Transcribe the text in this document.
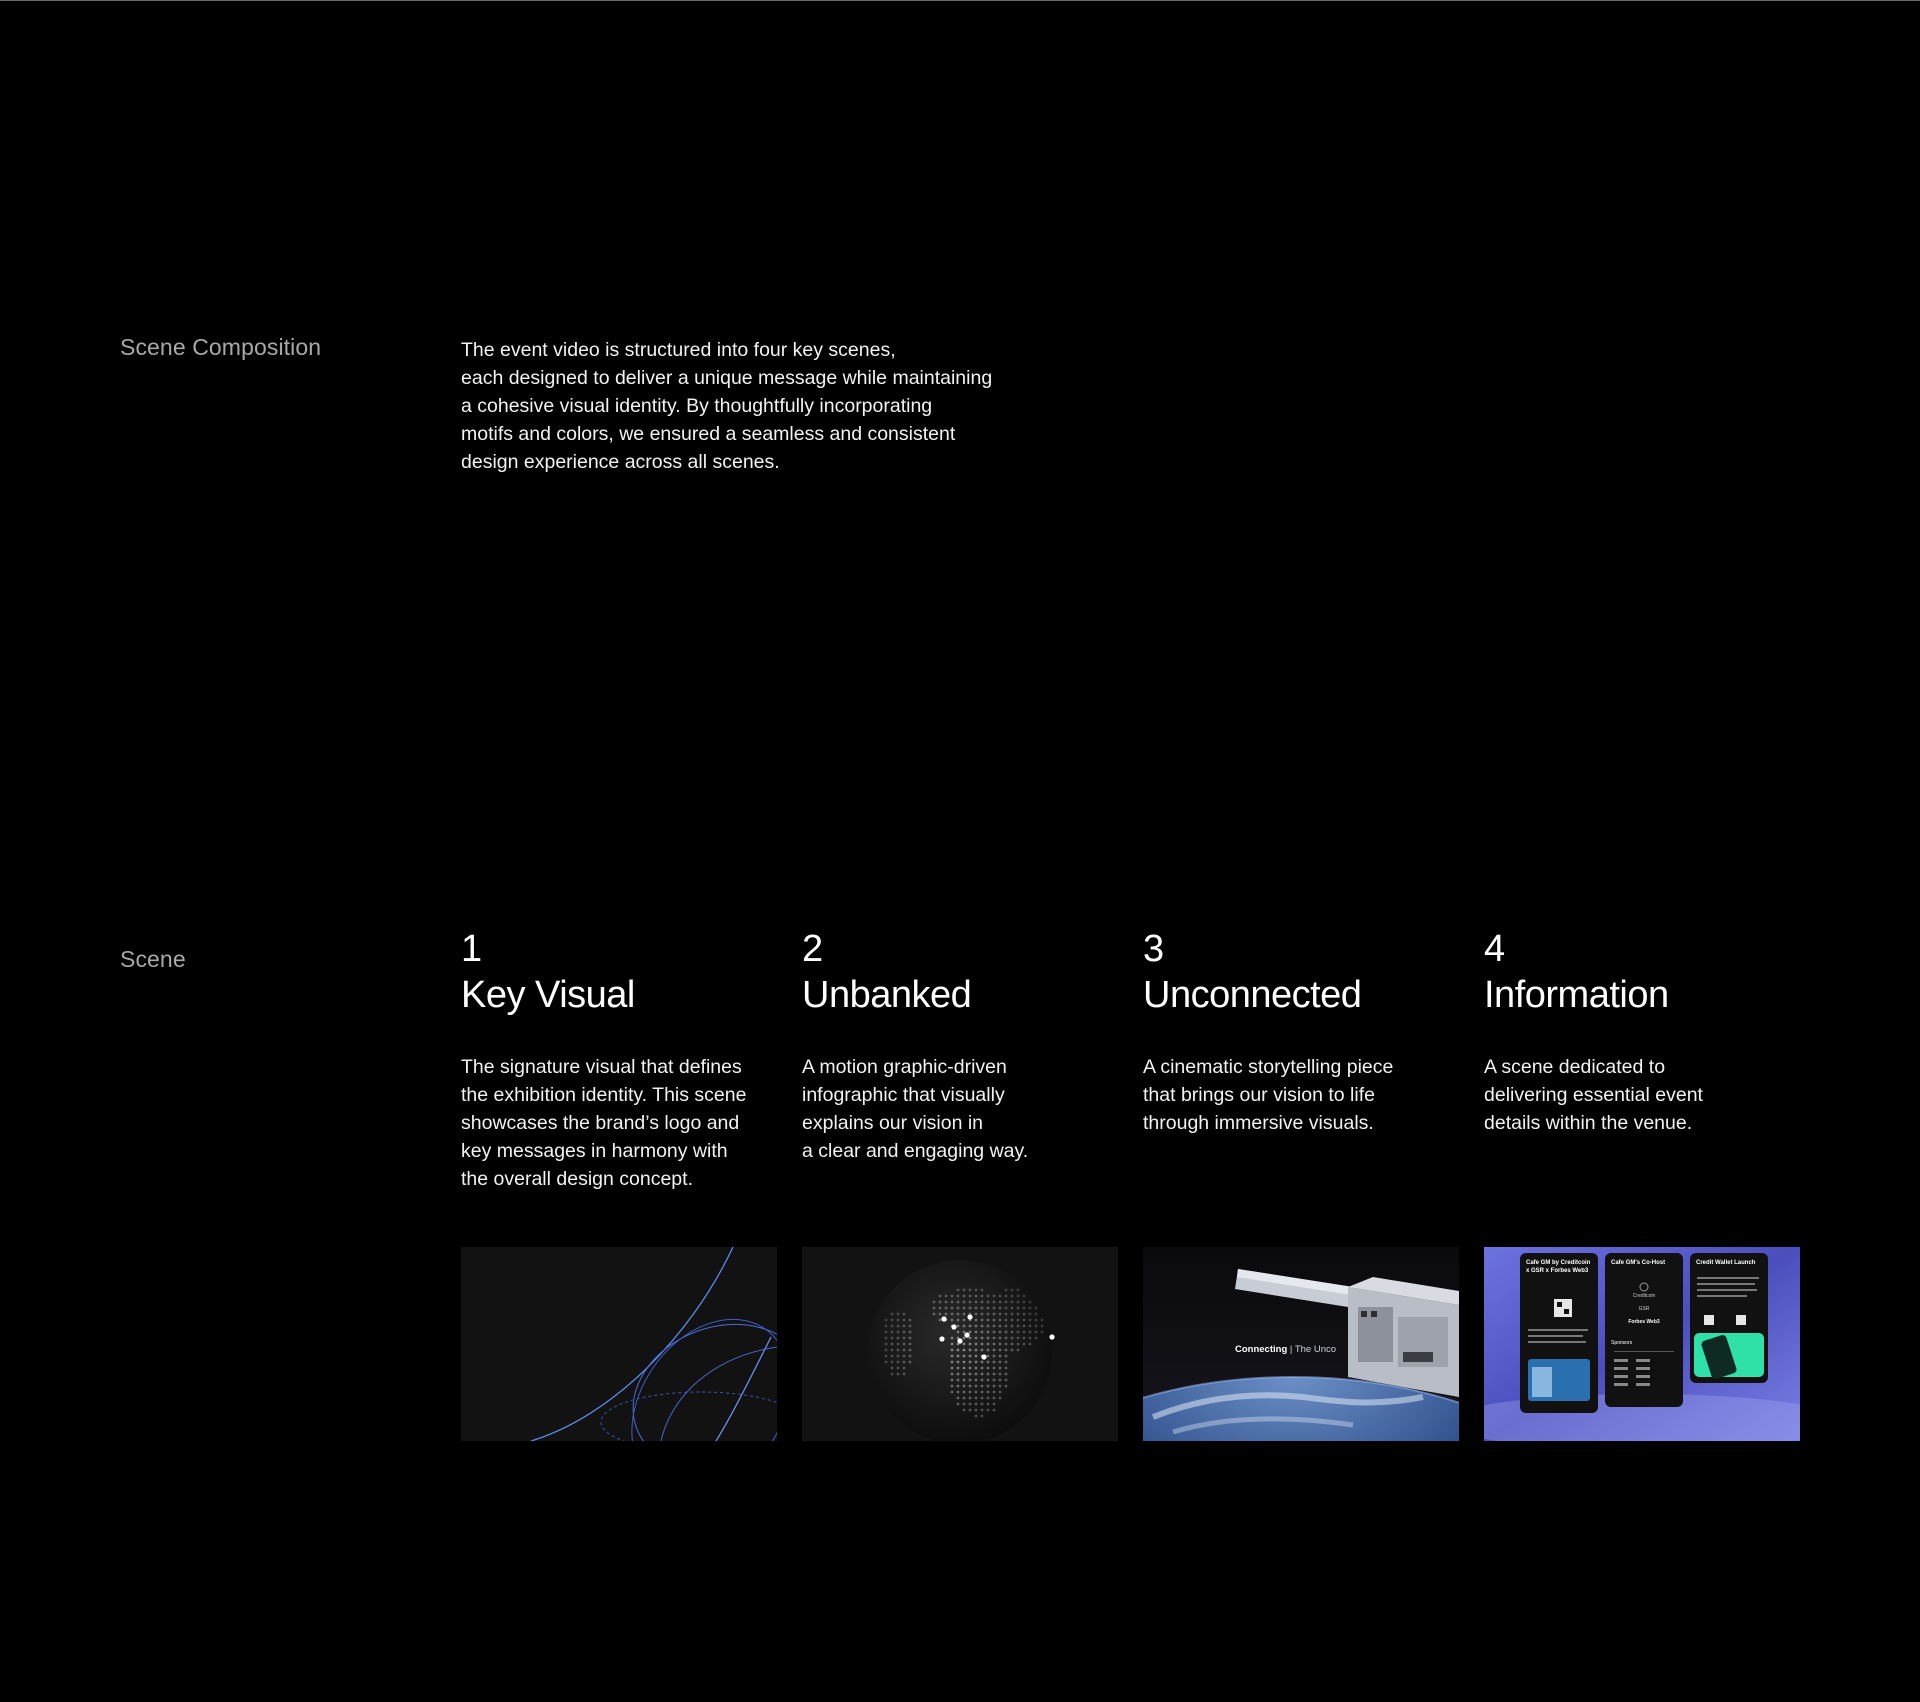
Scene Composition	The event video is structured into four key scenes,

each designed to deliver a unique message while maintaining

a cohesive visual identity. By thoughtfully incorporating

motifs and colors, we ensured a seamless and consistent

design experience across all scenes.

Scene	1
Key Visual

The signature visual that defines

the exhibition identity. This scene

showcases the brand’s logo and

key messages in harmony with

the overall design concept.

2
Unbanked

A motion graphic-driven

infographic that visually

explains our vision in

a clear and engaging way.

3
Unconnected

A cinematic storytelling piece

that brings our vision to life

through immersive visuals.

4
Information

A scene dedicated to

delivering essential event

details within the venue.

Connecting | The Unco
Cafe GM by Creditcoin x GSR x Forbes Web3
Cafe GM's Co-Host
Creditcoin
GSR
Forbes Web3
Sponsors
Credit Wallet Launch
